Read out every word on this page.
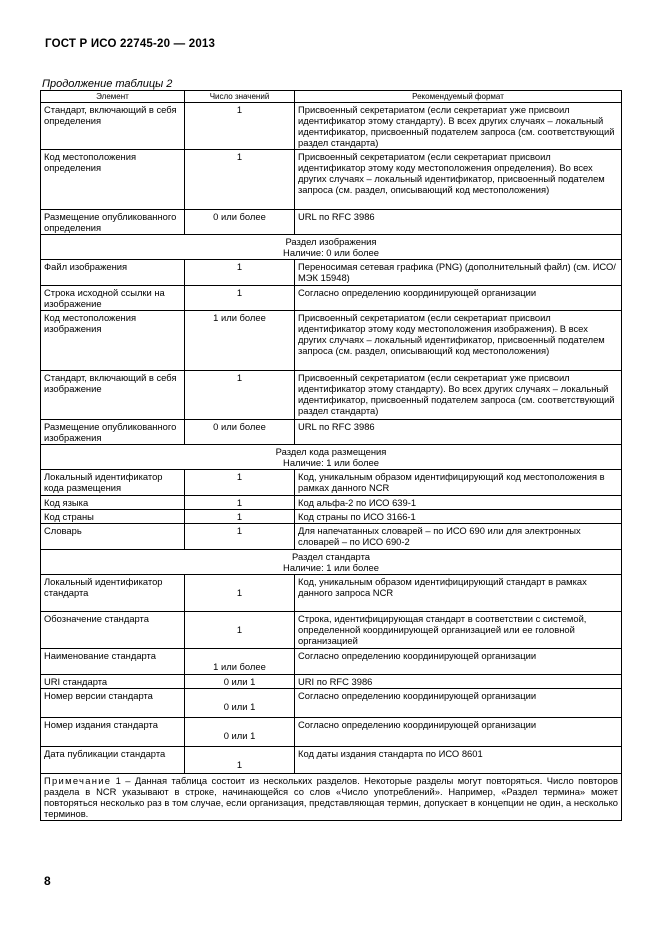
ГОСТ Р ИСО 22745-20 — 2013
Продолжение таблицы 2
Элемент	Число значений	Рекомендуемый формат
Стандарт, включающий в себя определения	1	Присвоенный секретариатом (если секретариат уже присвоил идентификатор этому стандарту). В всех других случаях – локальный идентификатор, присвоенный подателем запроса (см. соответствующий раздел стандарта)
Код местоположения определения	1	Присвоенный секретариатом (если секретариат присвоил идентификатор этому коду местоположения определения). Во всех других случаях – локальный идентификатор, присвоенный подателем запроса (см. раздел, описывающий код местоположения)
Размещение опубликованного определения	0 или более	URL по RFC 3986

Раздел изображения
Наличие: 0 или более		

Файл изображения	1	Переносимая сетевая графика (PNG) (дополнительный файл) (см. ИСО/МЭК 15948)
Строка исходной ссылки на изображение	1	Согласно определению координирующей организации
Код местоположения изображения	1 или более	Присвоенный секретариатом (если секретариат присвоил идентификатор этому коду местоположения изображения). В всех других случаях – локальный идентификатор, присвоенный подателем запроса (см. раздел, описывающий код местоположения)
Стандарт, включающий в себя изображение	1	Присвоенный секретариатом (если секретариат уже присвоил идентификатор этому стандарту). Во всех других случаях – локальный идентификатор, присвоенный подателем запроса (см. соответствующий раздел стандарта)
Размещение опубликованного изображения	0 или более	URL по RFC 3986

Раздел кода размещения
Наличие: 1 или более		

Локальный идентификатор кода размещения	1	Код, уникальным образом идентифицирующий код местоположения в рамках данного NCR
Код языка	1	Код альфа-2 по ИСО 639-1
Код страны	1	Код страны по ИСО 3166-1
Словарь	1	Для напечатанных словарей – по ИСО 690 или для электронных словарей – по ИСО 690-2

Раздел стандарта
Наличие: 1 или более		

Локальный идентификатор стандарта	1	Код, уникальным образом идентифицирующий стандарт в рамках данного запроса NCR
Обозначение стандарта	1	Строка, идентифицирующая стандарт в соответствии с системой, определенной координирующей организацией или ее головной организацией
Наименование стандарта	1 или более	Согласно определению координирующей организации
URI стандарта	0 или 1	URI по RFC 3986
Номер версии стандарта	0 или 1	Согласно определению координирующей организации
Номер издания стандарта	0 или 1	Согласно определению координирующей организации
Дата публикации стандарта	1	Код даты издания стандарта по ИСО 8601
Примечание 1 – Данная таблица состоит из нескольких разделов. Некоторые разделы могут повторяться. Число повторов раздела в NCR указывают в строке, начинающейся со слов «Число употреблений». Например, «Раздел термина» может повторяться несколько раз в том случае, если организация, представляющая термин, допускает в концепции не один, а несколько терминов.		
8
